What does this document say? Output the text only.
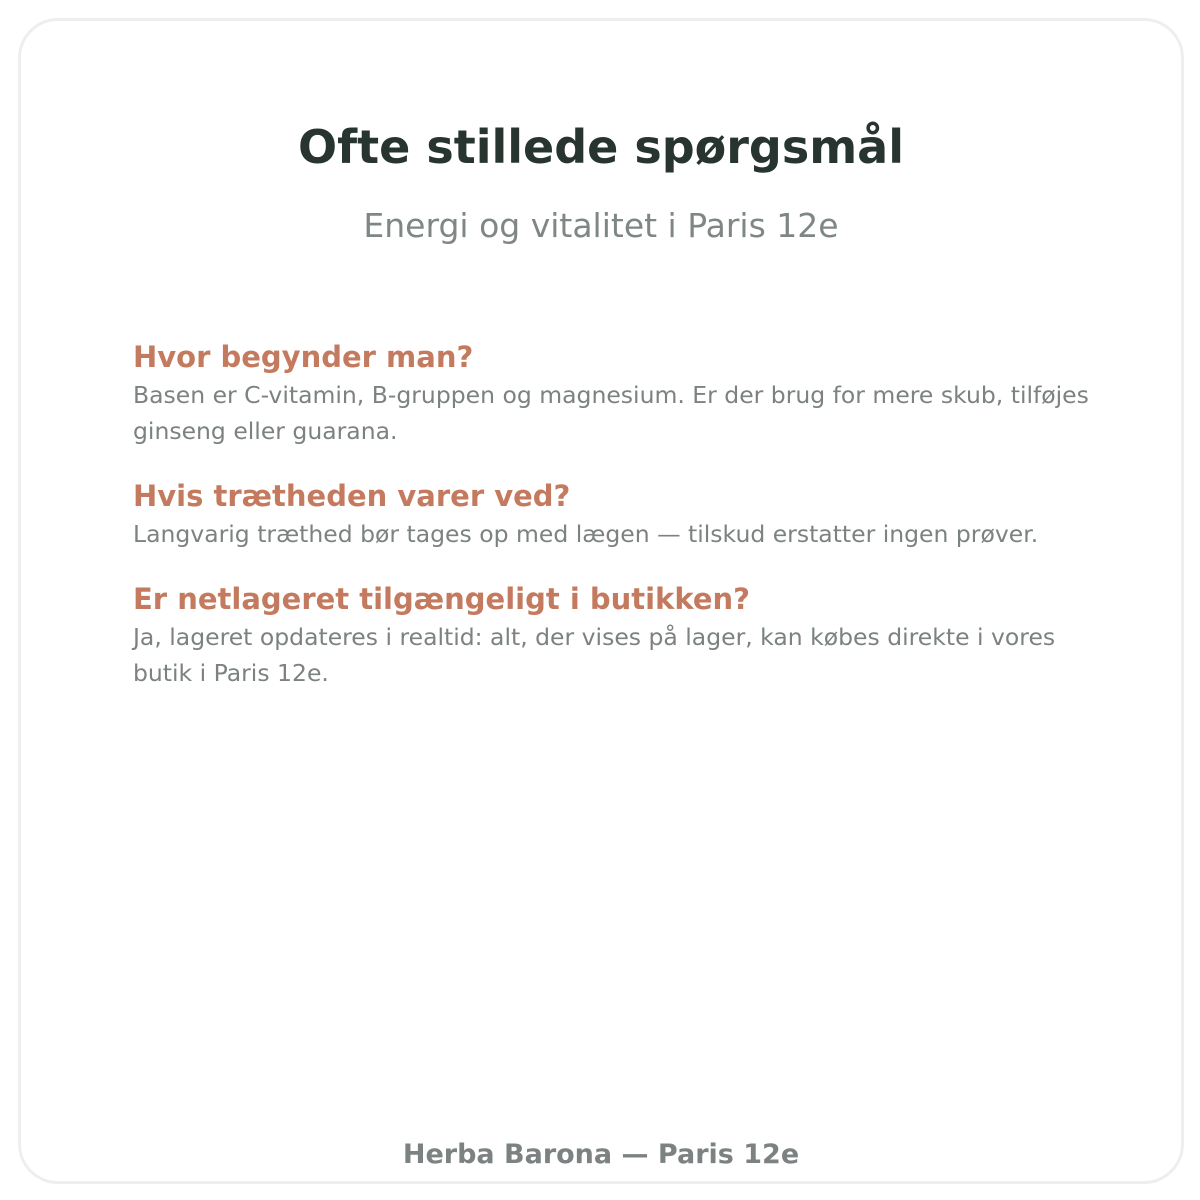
Ofte stillede spørgsmål

Energi og vitalitet i Paris 12e

Hvor begynder man?

Basen er C-vitamin, B-gruppen og magnesium. Er der brug for mere skub, tilføjes ginseng eller guarana.

Hvis trætheden varer ved?

Langvarig træthed bør tages op med lægen — tilskud erstatter ingen prøver.

Er netlageret tilgængeligt i butikken?

Ja, lageret opdateres i realtid: alt, der vises på lager, kan købes direkte i vores butik i Paris 12e.

Herba Barona — Paris 12e
